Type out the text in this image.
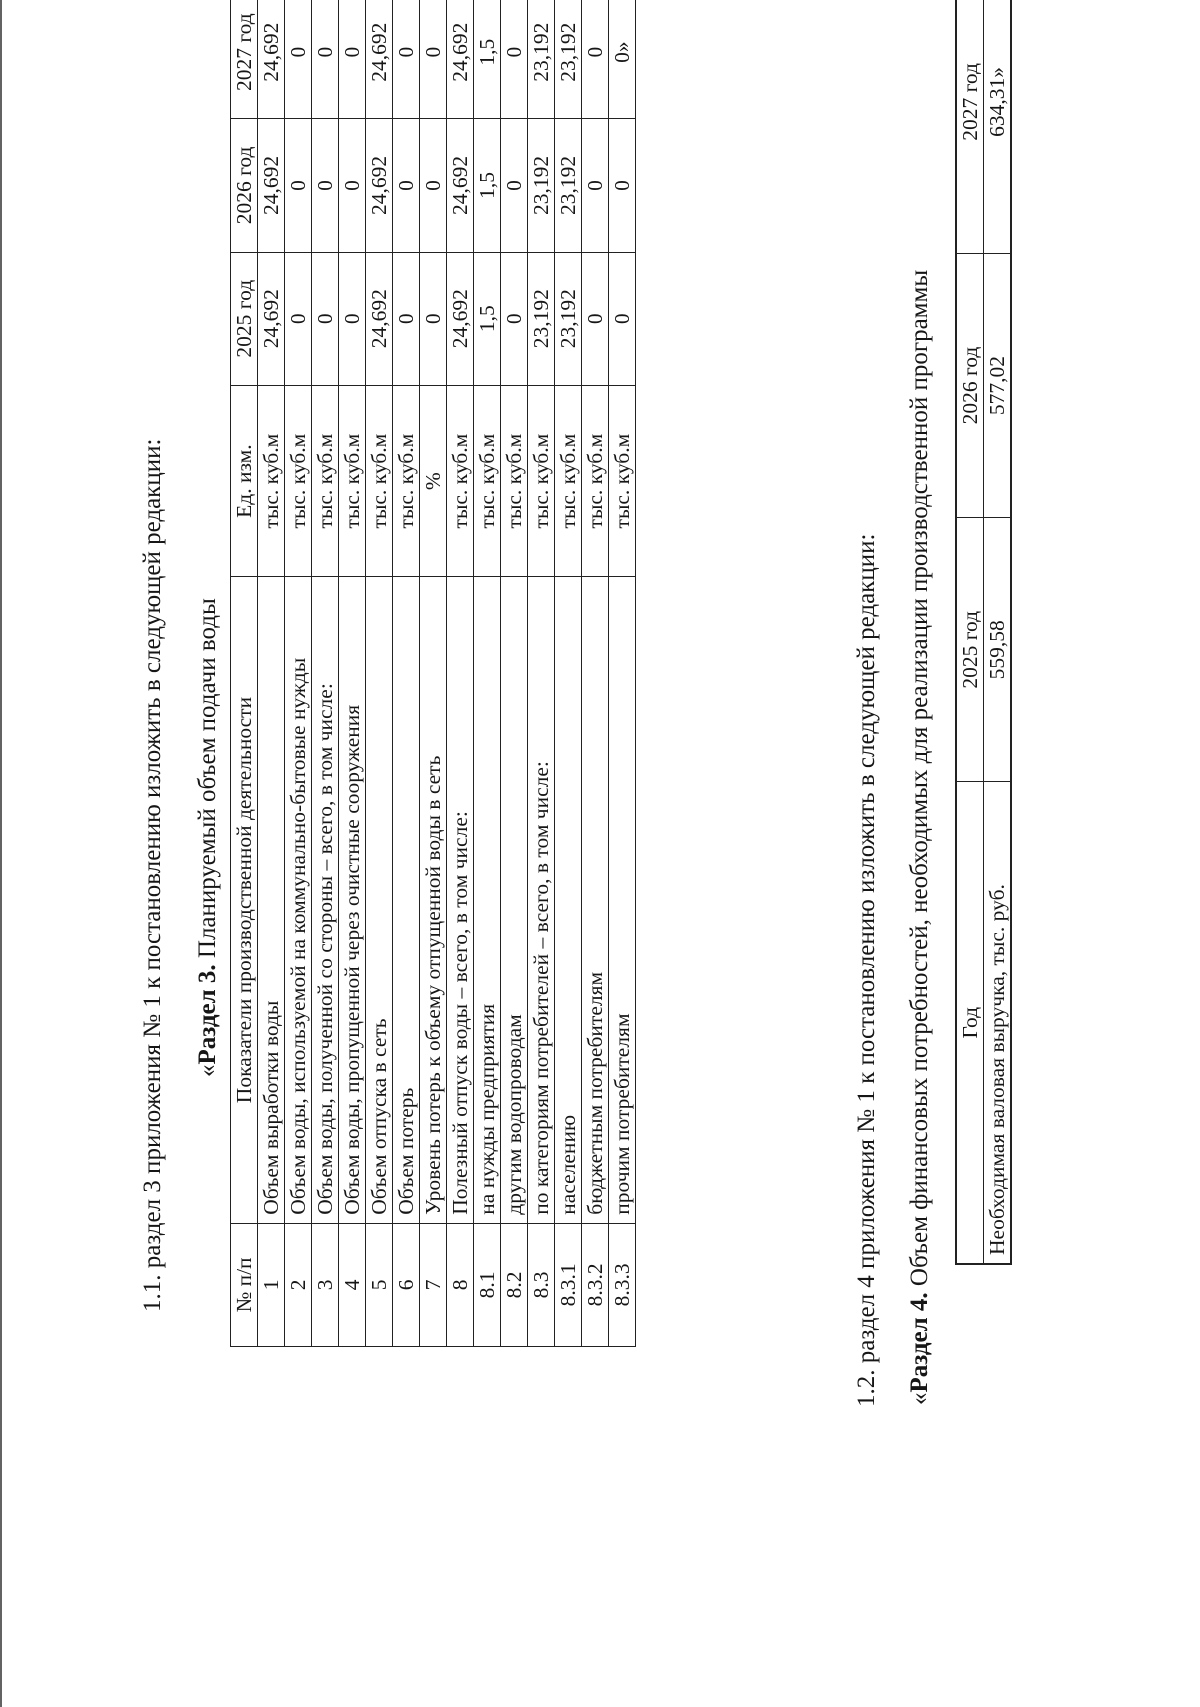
1.1. раздел 3 приложения № 1 к постановлению изложить в следующей редакции: «Раздел 3. Планируемый объем подачи воды
№ п/п	Показатели производственной деятельности	Ед. изм.	2025 год	2026 год	2027 год
1	Объем выработки воды	тыс. куб.м	24,692	24,692	24,692
2	Объем воды, используемой на коммунально-бытовые нужды	тыс. куб.м	0	0	0
3	Объем воды, полученной со стороны – всего, в том числе:	тыс. куб.м	0	0	0
4	Объем воды, пропущенной через очистные сооружения	тыс. куб.м	0	0	0
5	Объем отпуска в сеть	тыс. куб.м	24,692	24,692	24,692
6	Объем потерь	тыс. куб.м	0	0	0
7	Уровень потерь к объему отпущенной воды в сеть	%	0	0	0
8	Полезный отпуск воды – всего, в том числе:	тыс. куб.м	24,692	24,692	24,692
8.1	на нужды предприятия	тыс. куб.м	1,5	1,5	1,5
8.2	другим водопроводам	тыс. куб.м	0	0	0
8.3	по категориям потребителей – всего, в том числе:	тыс. куб.м	23,192	23,192	23,192
8.3.1	населению	тыс. куб.м	23,192	23,192	23,192
8.3.2	бюджетным потребителям	тыс. куб.м	0	0	0
8.3.3	прочим потребителям	тыс. куб.м	0	0	0»
1.2. раздел 4 приложения № 1 к постановлению изложить в следующей редакции: «Раздел 4. Объем финансовых потребностей, необходимых для реализации производственной программы Год	2025 год	2026 год	2027 год
Необходимая валовая выручка, тыс. руб.	559,58	577,02	634,31»
